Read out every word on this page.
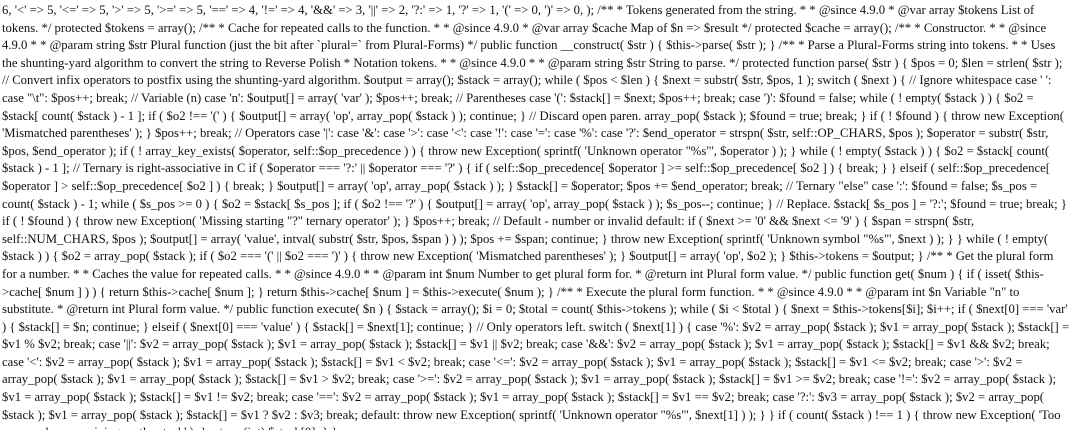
6, '<' => 5, '<=' => 5, '>' => 5, '>=' => 5, '==' => 4, '!=' => 4, '&&' => 3, '||' => 2, '?:' => 1, '?' => 1, '(' => 0, ')' => 0, ); /** * Tokens generated from the string. * * @since 4.9.0 * @var array $tokens List of tokens. */ protected $tokens = array(); /** * Cache for repeated calls to the function. * * @since 4.9.0 * @var array $cache Map of $n => $result */ protected $cache = array(); /** * Constructor. * * @since 4.9.0 * * @param string $str Plural function (just the bit after `plural=` from Plural-Forms) */ public function __construct( $str ) { $this->parse( $str ); } /** * Parse a Plural-Forms string into tokens. * * Uses the shunting-yard algorithm to convert the string to Reverse Polish * Notation tokens. * * @since 4.9.0 * * @param string $str String to parse. */ protected function parse( $str ) { $pos = 0; $len = strlen( $str ); // Convert infix operators to postfix using the shunting-yard algorithm. $output = array(); $stack = array(); while ( $pos < $len ) { $next = substr( $str, $pos, 1 ); switch ( $next ) { // Ignore whitespace case ' ': case "\t": $pos++; break; // Variable (n) case 'n': $output[] = array( 'var' ); $pos++; break; // Parentheses case '(': $stack[] = $next; $pos++; break; case ')': $found = false; while ( ! empty( $stack ) ) { $o2 = $stack[ count( $stack ) - 1 ]; if ( $o2 !== '(' ) { $output[] = array( 'op', array_pop( $stack ) ); continue; } // Discard open paren. array_pop( $stack ); $found = true; break; } if ( ! $found ) { throw new Exception( 'Mismatched parentheses' ); } $pos++; break; // Operators case '|': case '&': case '>': case '<': case '!': case '=': case '%': case '?': $end_operator = strspn( $str, self::OP_CHARS, $pos ); $operator = substr( $str, $pos, $end_operator ); if ( ! array_key_exists( $operator, self::$op_precedence ) ) { throw new Exception( sprintf( 'Unknown operator "%s"', $operator ) ); } while ( ! empty( $stack ) ) { $o2 = $stack[ count( $stack ) - 1 ]; // Ternary is right-associative in C if ( $operator === '?:' || $operator === '?' ) { if ( self::$op_precedence[ $operator ] >= self::$op_precedence[ $o2 ] ) { break; } } elseif ( self::$op_precedence[ $operator ] > self::$op_precedence[ $o2 ] ) { break; } $output[] = array( 'op', array_pop( $stack ) ); } $stack[] = $operator; $pos += $end_operator; break; // Ternary "else" case ':': $found = false; $s_pos = count( $stack ) - 1; while ( $s_pos >= 0 ) { $o2 = $stack[ $s_pos ]; if ( $o2 !== '?' ) { $output[] = array( 'op', array_pop( $stack ) ); $s_pos--; continue; } // Replace. $stack[ $s_pos ] = '?:'; $found = true; break; } if ( ! $found ) { throw new Exception( 'Missing starting "?" ternary operator' ); } $pos++; break; // Default - number or invalid default: if ( $next >= '0' && $next <= '9' ) { $span = strspn( $str, self::NUM_CHARS, $pos ); $output[] = array( 'value', intval( substr( $str, $pos, $span ) ) ); $pos += $span; continue; } throw new Exception( sprintf( 'Unknown symbol "%s"', $next ) ); } } while ( ! empty( $stack ) ) { $o2 = array_pop( $stack ); if ( $o2 === '(' || $o2 === ')' ) { throw new Exception( 'Mismatched parentheses' ); } $output[] = array( 'op', $o2 ); } $this->tokens = $output; } /** * Get the plural form for a number. * * Caches the value for repeated calls. * * @since 4.9.0 * * @param int $num Number to get plural form for. * @return int Plural form value. */ public function get( $num ) { if ( isset( $this->cache[ $num ] ) ) { return $this->cache[ $num ]; } return $this->cache[ $num ] = $this->execute( $num ); } /** * Execute the plural form function. * * @since 4.9.0 * * @param int $n Variable "n" to substitute. * @return int Plural form value. */ public function execute( $n ) { $stack = array(); $i = 0; $total = count( $this->tokens ); while ( $i < $total ) { $next = $this->tokens[$i]; $i++; if ( $next[0] === 'var' ) { $stack[] = $n; continue; } elseif ( $next[0] === 'value' ) { $stack[] = $next[1]; continue; } // Only operators left. switch ( $next[1] ) { case '%': $v2 = array_pop( $stack ); $v1 = array_pop( $stack ); $stack[] = $v1 % $v2; break; case '||': $v2 = array_pop( $stack ); $v1 = array_pop( $stack ); $stack[] = $v1 || $v2; break; case '&&': $v2 = array_pop( $stack ); $v1 = array_pop( $stack ); $stack[] = $v1 && $v2; break; case '<': $v2 = array_pop( $stack ); $v1 = array_pop( $stack ); $stack[] = $v1 < $v2; break; case '<=': $v2 = array_pop( $stack ); $v1 = array_pop( $stack ); $stack[] = $v1 <= $v2; break; case '>': $v2 = array_pop( $stack ); $v1 = array_pop( $stack ); $stack[] = $v1 > $v2; break; case '>=': $v2 = array_pop( $stack ); $v1 = array_pop( $stack ); $stack[] = $v1 >= $v2; break; case '!=': $v2 = array_pop( $stack ); $v1 = array_pop( $stack ); $stack[] = $v1 != $v2; break; case '==': $v2 = array_pop( $stack ); $v1 = array_pop( $stack ); $stack[] = $v1 == $v2; break; case '?:': $v3 = array_pop( $stack ); $v2 = array_pop( $stack ); $v1 = array_pop( $stack ); $stack[] = $v1 ? $v2 : $v3; break; default: throw new Exception( sprintf( 'Unknown operator "%s"', $next[1] ) ); } } if ( count( $stack ) !== 1 ) { throw new Exception( 'Too
